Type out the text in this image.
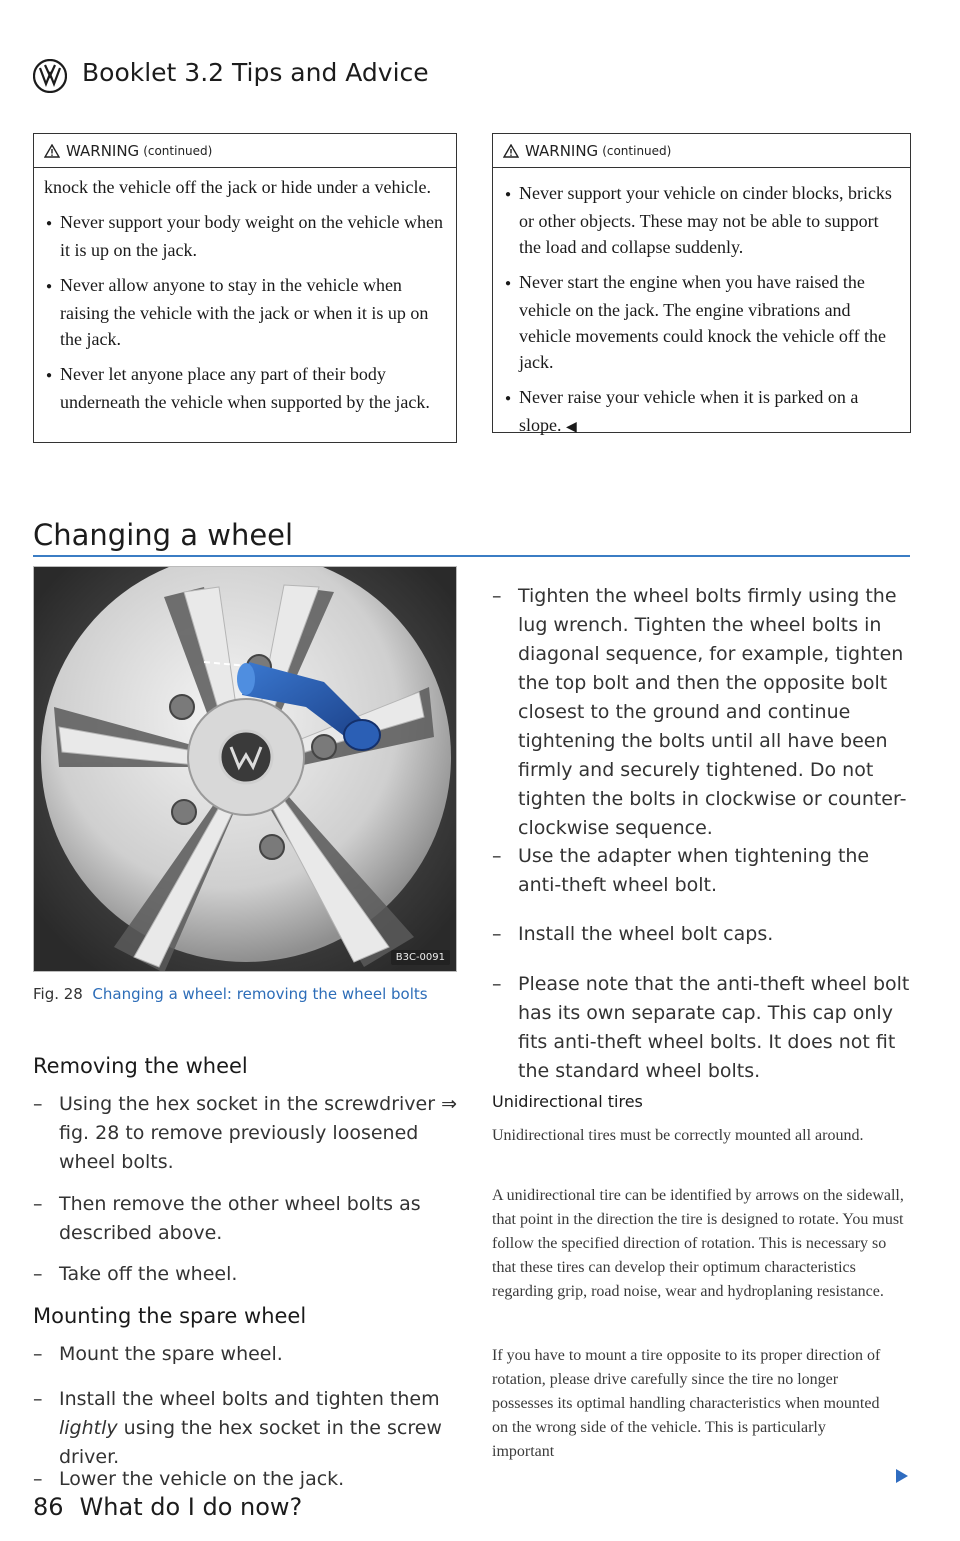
Booklet 3.2 Tips and Advice
WARNING (continued)

knock the vehicle off the jack or hide under a vehicle.

● Never support your body weight on the vehicle when it is up on the jack.

● Never allow anyone to stay in the vehicle when raising the vehicle with the jack or when it is up on the jack.

● Never let anyone place any part of their body underneath the vehicle when supported by the jack.

WARNING (continued)

● Never support your vehicle on cinder blocks, bricks or other objects. These may not be able to support the load and collapse suddenly.

● Never start the engine when you have raised the vehicle on the jack. The engine vibrations and vehicle movements could knock the vehicle off the jack.

● Never raise your vehicle when it is parked on a slope. ◀

Changing a wheel
B3C-0091
Fig. 28 Changing a wheel: removing the wheel bolts
Removing the wheel
– Using the hex socket in the screwdriver ⇒ fig. 28 to remove previously loosened wheel bolts.
– Then remove the other wheel bolts as described above.
– Take off the wheel.
Mounting the spare wheel
– Mount the spare wheel.
– Install the wheel bolts and tighten them lightly using the hex socket in the screw driver.
– Lower the vehicle on the jack.
– Tighten the wheel bolts firmly using the lug wrench. Tighten the wheel bolts in diagonal sequence, for example, tighten the top bolt and then the opposite bolt closest to the ground and continue tightening the bolts until all have been firmly and securely tightened. Do not tighten the bolts in clockwise or counter-clockwise sequence.
– Use the adapter when tightening the anti-theft wheel bolt.
– Install the wheel bolt caps.
– Please note that the anti-theft wheel bolt has its own separate cap. This cap only fits anti-theft wheel bolts. It does not fit the standard wheel bolts.
Unidirectional tires
Unidirectional tires must be correctly mounted all around.
A unidirectional tire can be identified by arrows on the sidewall, that point in the direction the tire is designed to rotate. You must follow the specified direction of rotation. This is necessary so that these tires can develop their optimum characteristics regarding grip, road noise, wear and hydroplaning resistance.
If you have to mount a tire opposite to its proper direction of rotation, please drive carefully since the tire no longer possesses its optimal handling characteristics when mounted on the wrong side of the vehicle. This is particularly important
86 What do I do now?
